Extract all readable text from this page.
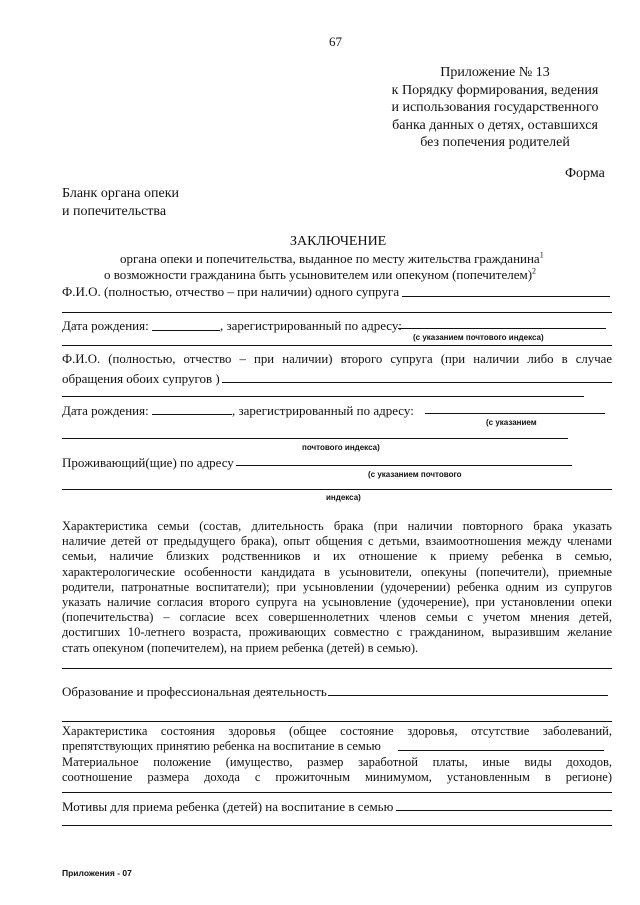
67
Приложение № 13
к Порядку формирования, ведения
и использования государственного
банка данных о детях, оставшихся
без попечения родителей
Форма
Бланк органа опеки
и попечительства
ЗАКЛЮЧЕНИЕ
органа опеки и попечительства, выданное по месту жительства гражданина$^1$
о возможности гражданина быть усыновителем или опекуном (попечителем)$^2$
Ф.И.О. (полностью, отчество – при наличии) одного супруга
Дата рождения:	, зарегистрированный по адресу:
(с указанием почтового индекса)
Ф.И.О. (полностью, отчество – при наличии) второго супруга (при наличии либо в случае
обращения обоих супругов )
Дата рождения:	, зарегистрированный по адресу:
(с указанием
почтового индекса)
Проживающий(щие) по адресу
(с указанием почтового
индекса)
Характеристика семьи (состав, длительность брака (при наличии повторного брака указать
наличие детей от предыдущего брака), опыт общения с детьми, взаимоотношения между членами
семьи, наличие близких родственников и их отношение к приему ребенка в семью,
характерологические особенности кандидата в усыновители, опекуны (попечители), приемные
родители, патронатные воспитатели); при усыновлении (удочерении) ребенка одним из супругов
указать наличие согласия второго супруга на усыновление (удочерение), при установлении опеки
(попечительства) – согласие всех совершеннолетних членов семьи с учетом мнения детей,
достигших 10-летнего возраста, проживающих совместно с гражданином, выразившим желание
стать опекуном (попечителем), на прием ребенка (детей) в семью).
Образование и профессиональная деятельность
Характеристика состояния здоровья (общее состояние здоровья, отсутствие заболеваний,
препятствующих принятию ребенка на воспитание в семью
Материальное положение (имущество, размер заработной платы, иные виды доходов,
соотношение размера дохода с прожиточным минимумом, установленным в регионе)
Мотивы для приема ребенка (детей) на воспитание в семью
Приложения - 07
